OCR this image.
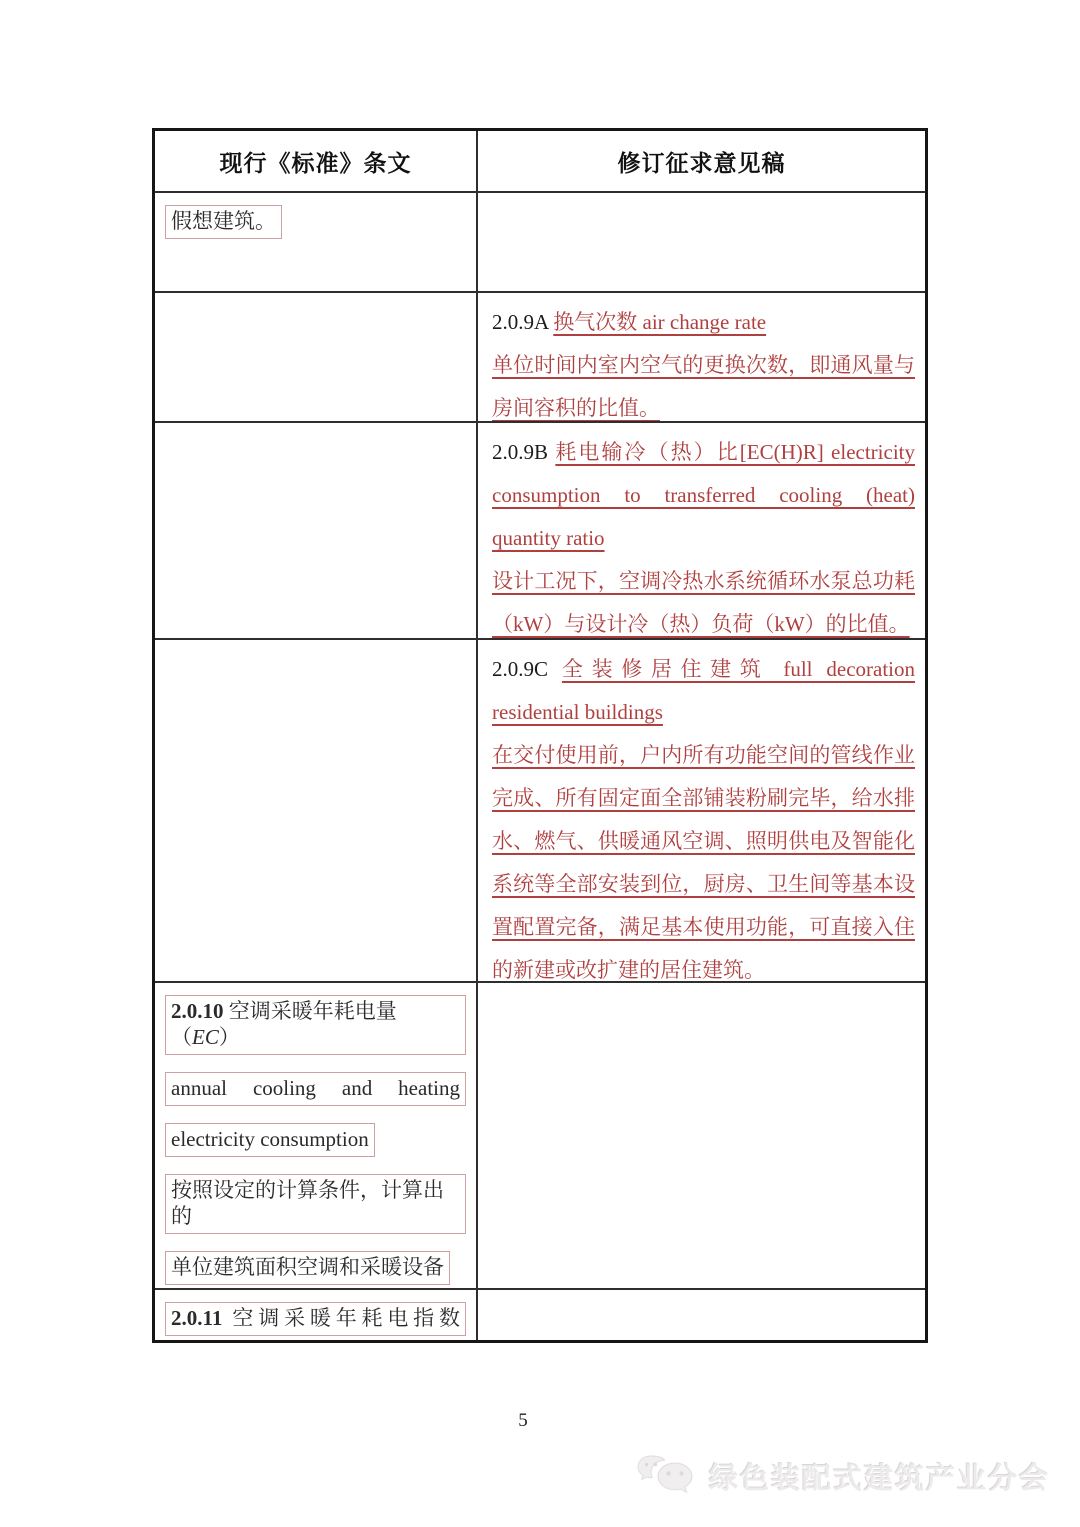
现行《标准》条文	修订征求意见稿
假想建筑。
2.0.9A 换气次数 air change rate
单位时间内室内空气的更换次数，即通风量与
房间容积的比值。
2.0.9B 耗电输冷（热）比[EC(H)R] electricity
consumption to transferred cooling (heat)
quantity ratio
设计工况下，空调冷热水系统循环水泵总功耗
（kW）与设计冷（热）负荷（kW）的比值。
2.0.9C 全装修居住建筑 full decoration
residential buildings
在交付使用前，户内所有功能空间的管线作业
完成、所有固定面全部铺装粉刷完毕，给水排
水、燃气、供暖通风空调、照明供电及智能化
系统等全部安装到位，厨房、卫生间等基本设
置配置完备，满足基本使用功能，可直接入住
的新建或改扩建的居住建筑。
2.0.10 空调采暖年耗电量（EC）
annual cooling and heating
electricity consumption
按照设定的计算条件，计算出的
单位建筑面积空调和采暖设备
2.0.11 空调采暖年耗电指数
5
绿色装配式建筑产业分会
